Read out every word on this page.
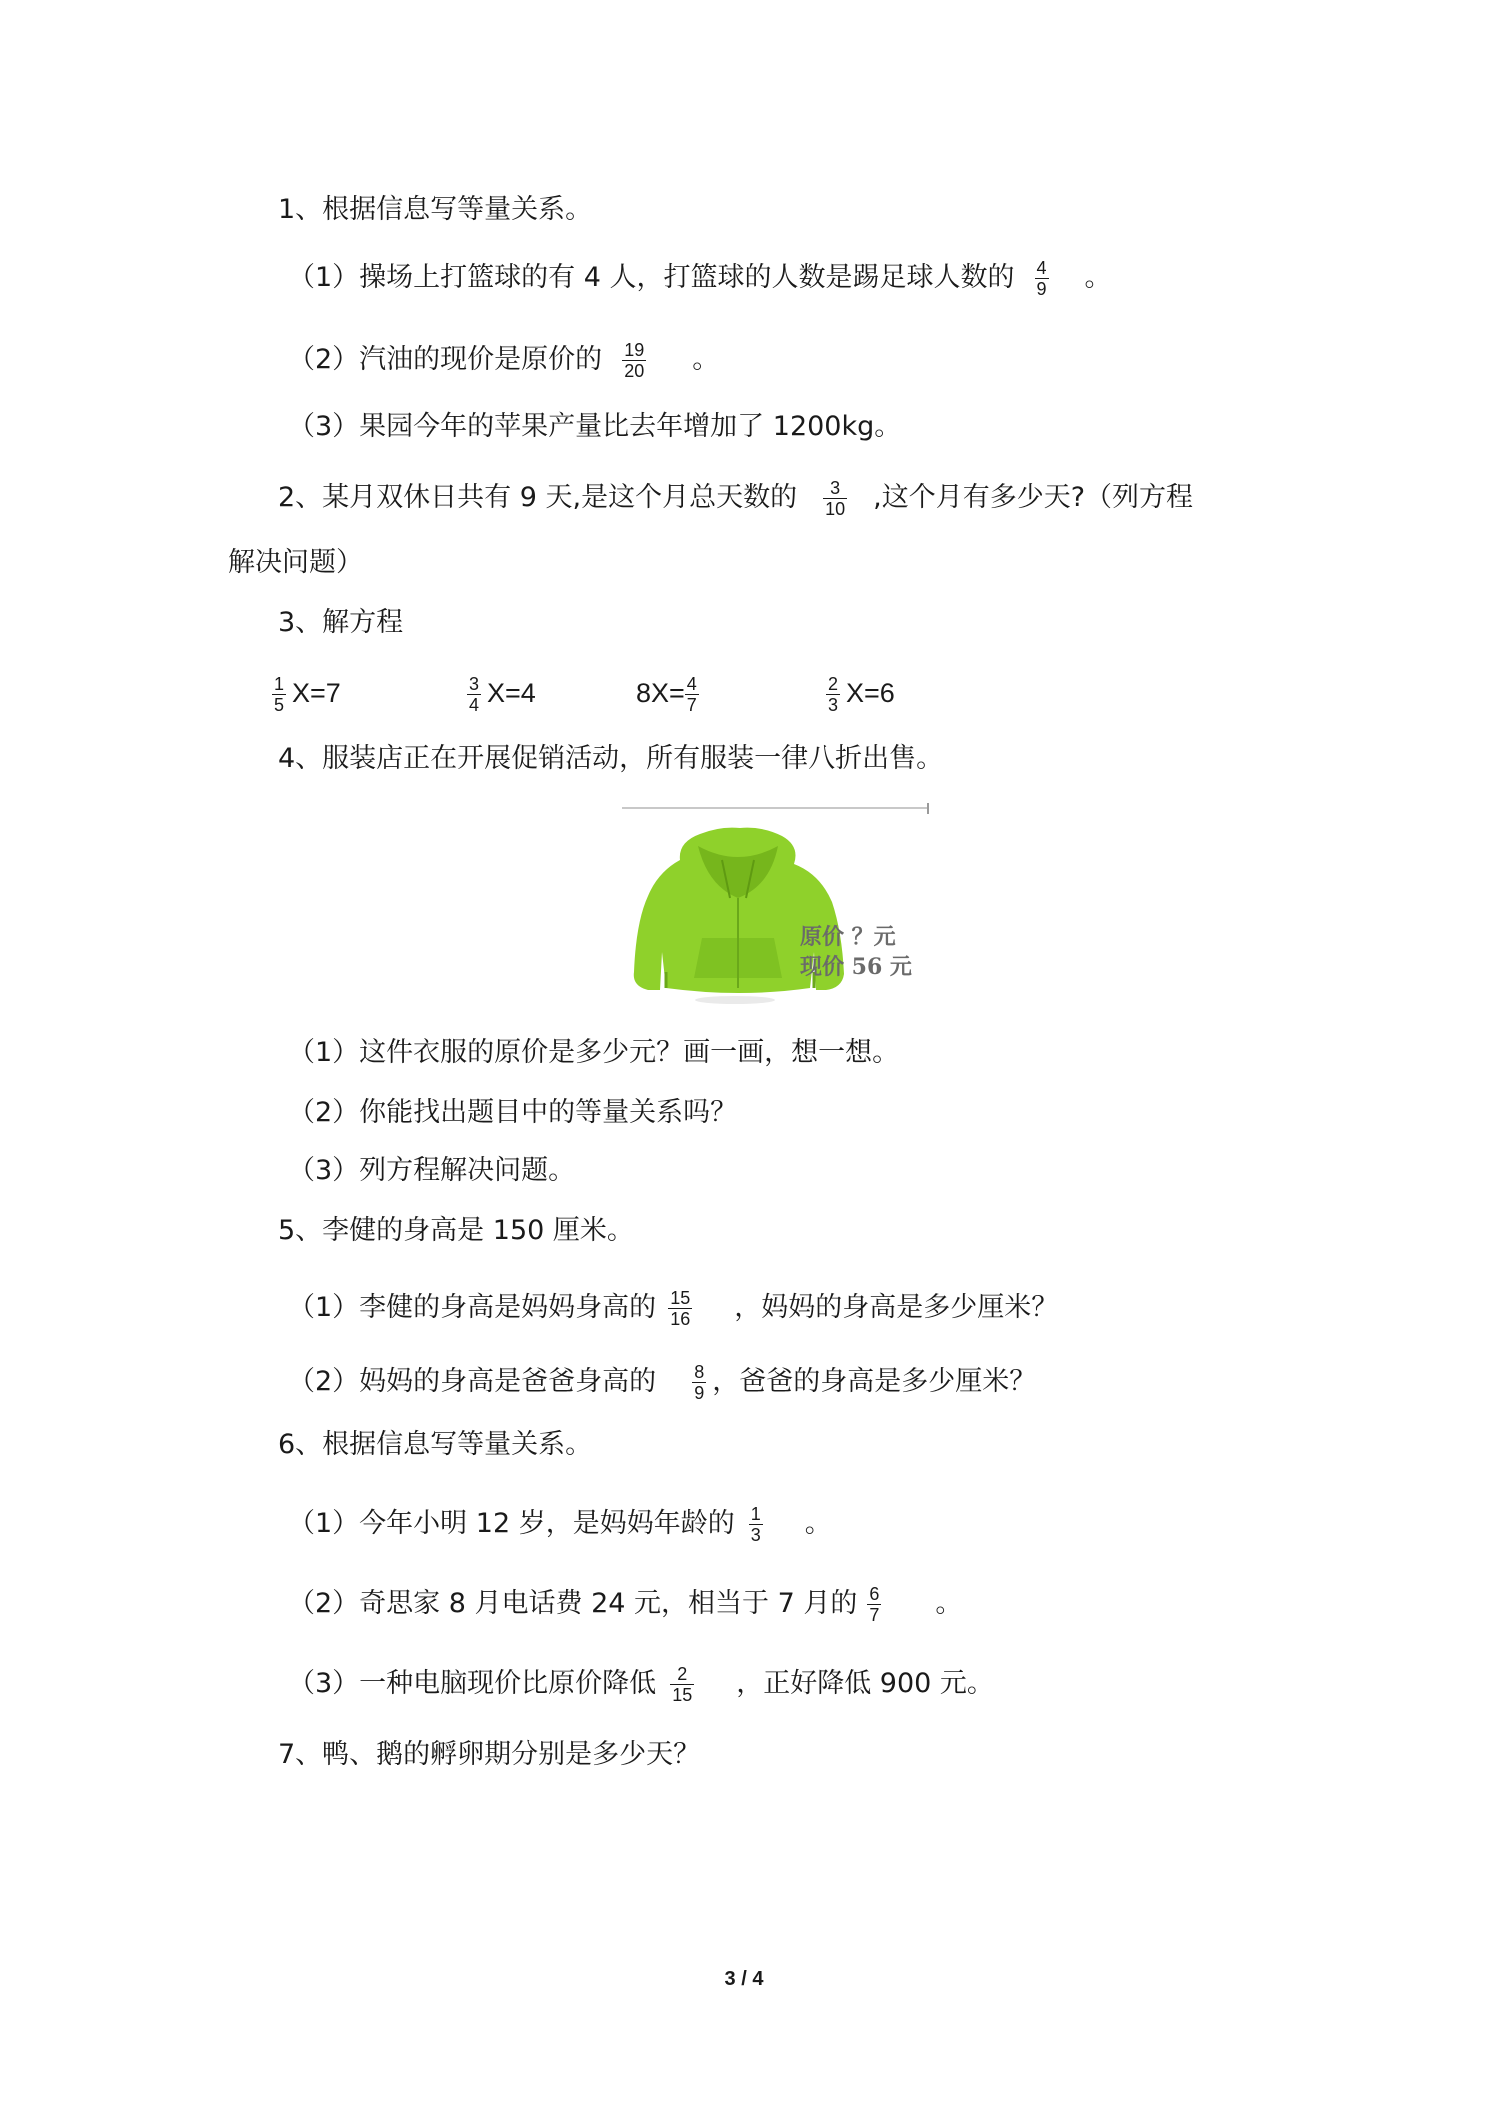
1、根据信息写等量关系。
（1）操场上打篮球的有 4 人，打篮球的人数是踢足球人数的 $\frac{4}{9}$ 。
（2）汽油的现价是原价的 $\frac{19}{20}$ 。
（3）果园今年的苹果产量比去年增加了 1200kg。
2、某月双休日共有 9 天,是这个月总天数的 $\frac{3}{10}$ ,这个月有多少天?（列方程
解决问题）
3、解方程
$\frac{1}{5} X=7$	$\frac{3}{4} X=4$	$8X= \frac{4}{7}$	$\frac{2}{3} X=6$
4、服装店正在开展促销活动，所有服装一律八折出售。
原价 ？元
现价 56 元
（1）这件衣服的原价是多少元？画一画，想一想。
（2）你能找出题目中的等量关系吗？
（3）列方程解决问题。
5、李健的身高是 150 厘米。
（1）李健的身高是妈妈身高的 $\frac{15}{16}$ ，妈妈的身高是多少厘米？
（2）妈妈的身高是爸爸身高的 $\frac{8}{9}$ ，爸爸的身高是多少厘米？
6、根据信息写等量关系。
（1）今年小明 12 岁，是妈妈年龄的 $\frac{1}{3}$ 。
（2）奇思家 8 月电话费 24 元，相当于 7 月的 $\frac{6}{7}$ 。
（3）一种电脑现价比原价降低 $\frac{2}{15}$ ，正好降低 900 元。
7、鸭、鹅的孵卵期分别是多少天？
3 / 4
